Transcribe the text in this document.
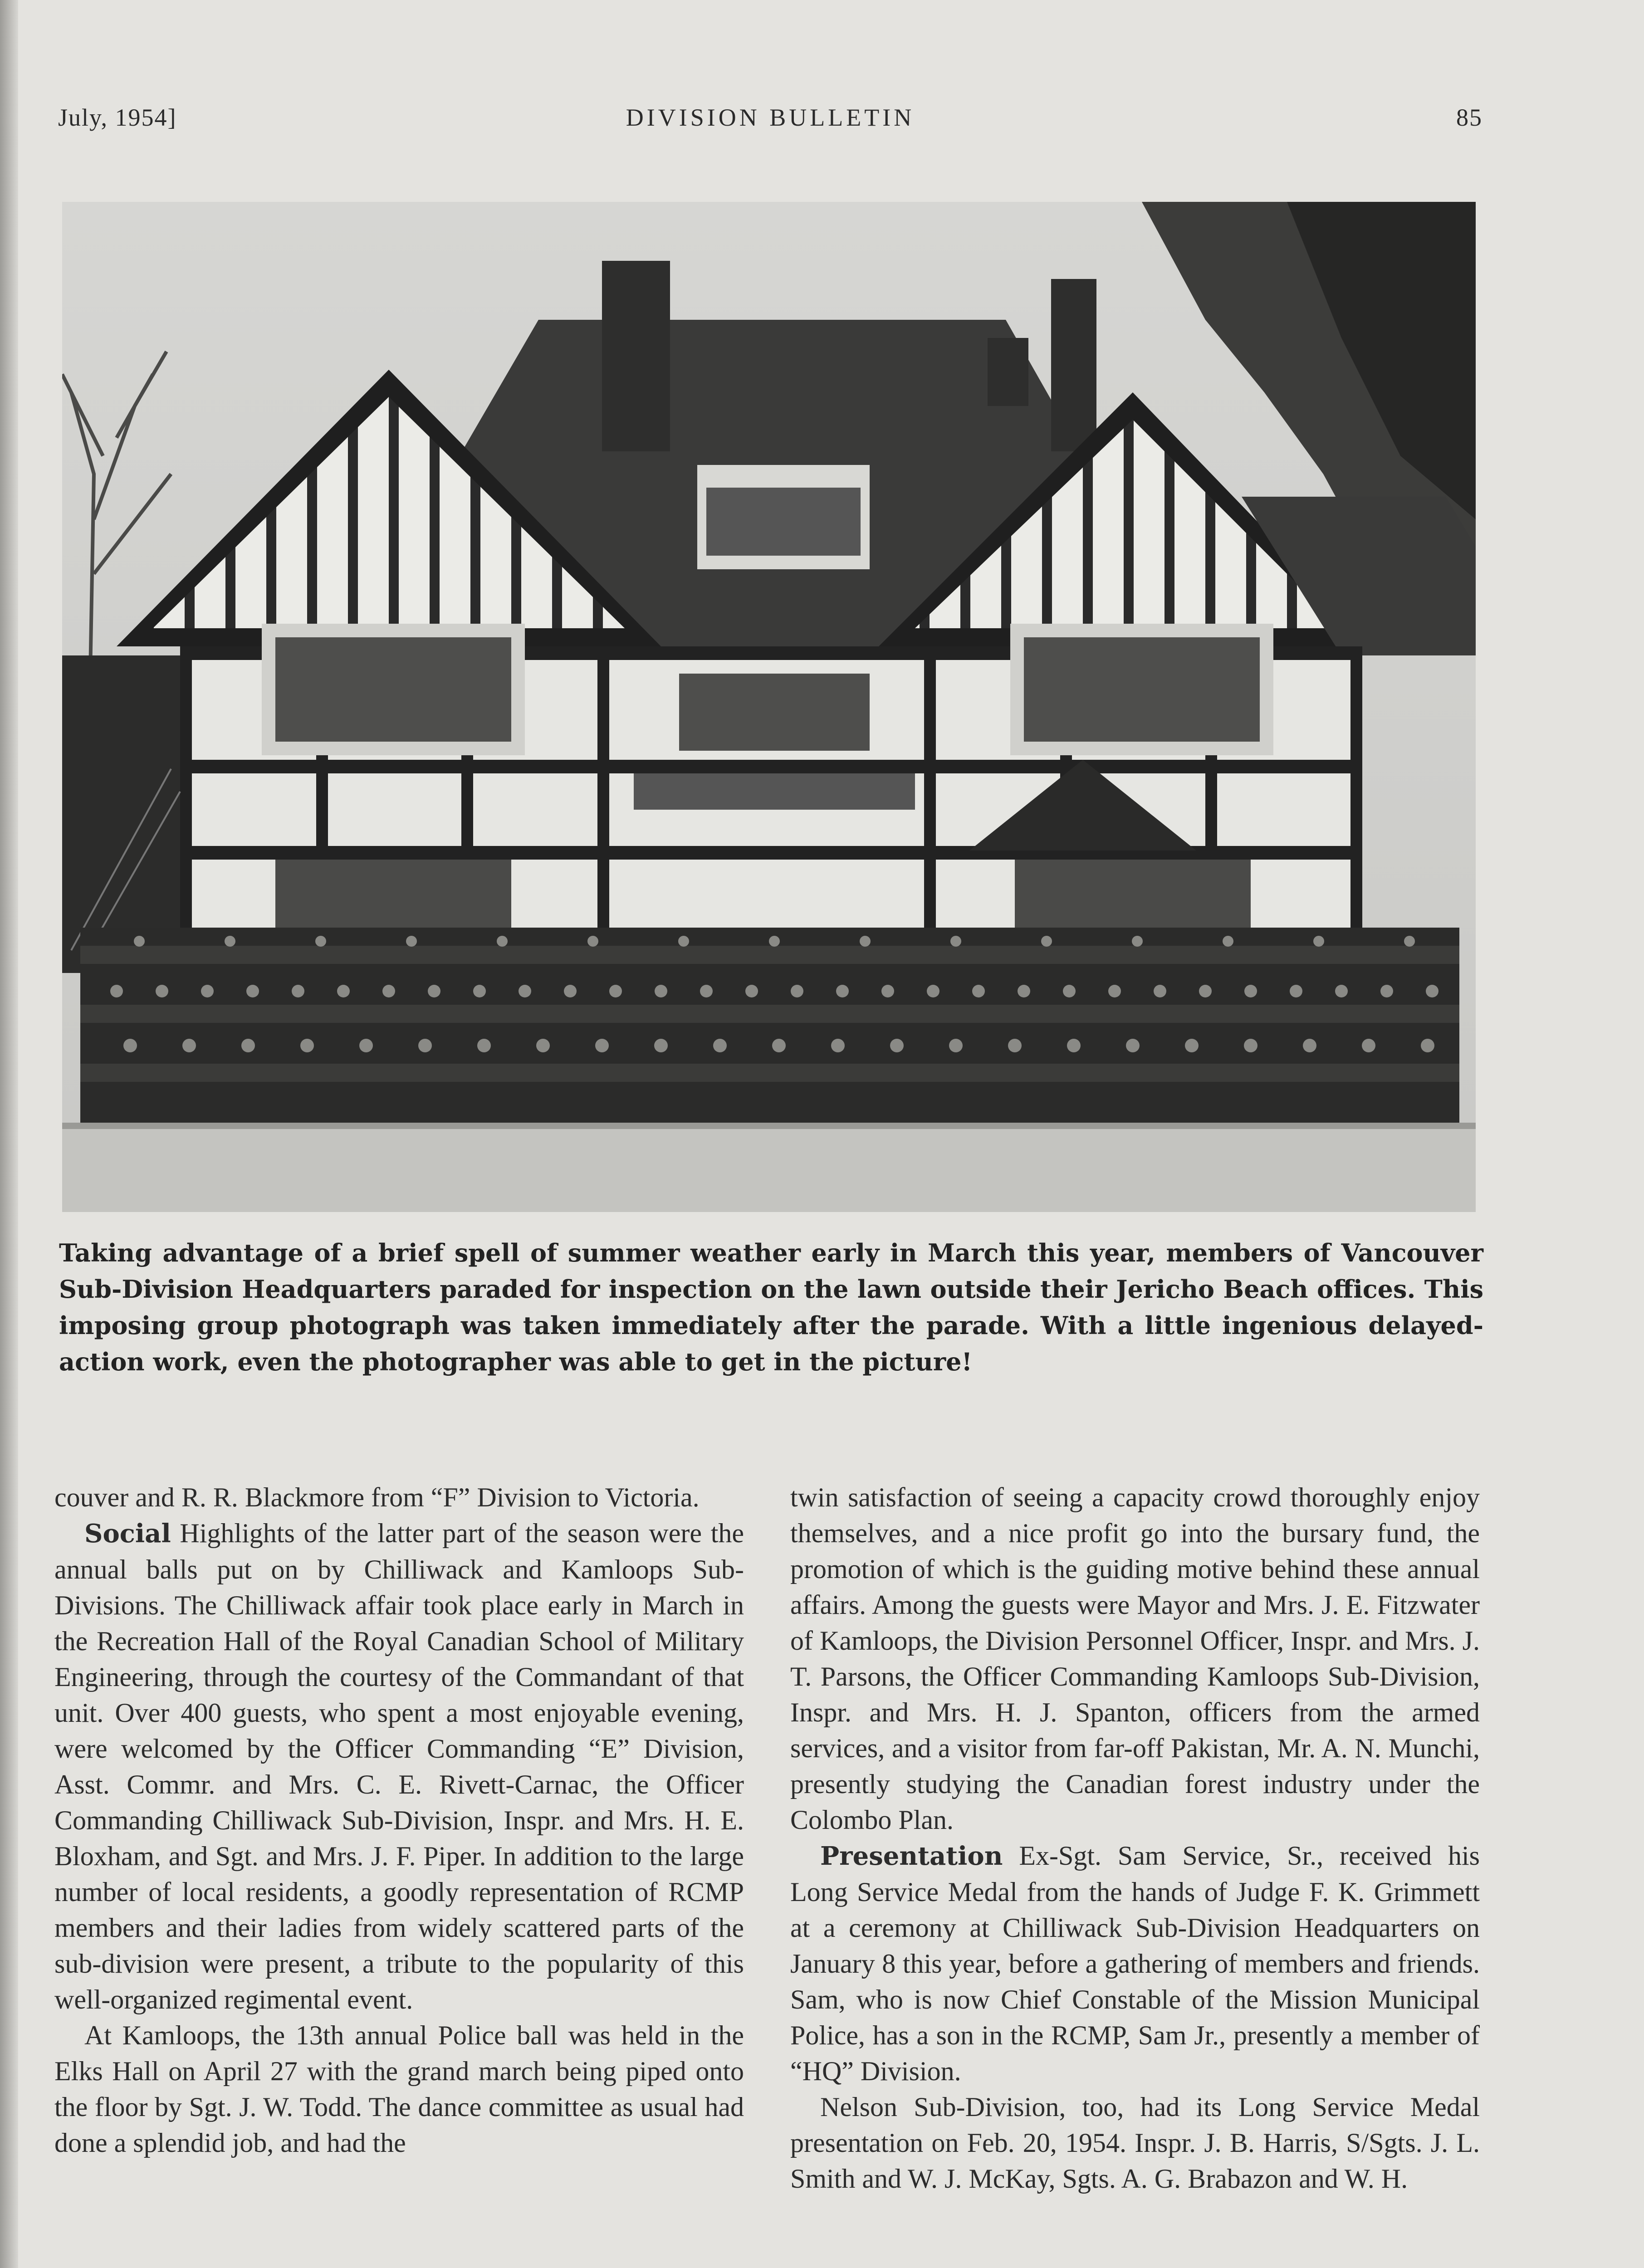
July, 1954]	DIVISION BULLETIN	85
Taking advantage of a brief spell of summer weather early in March this year, members of Vancouver Sub-Division Headquarters paraded for inspection on the lawn outside their Jericho Beach offices. This imposing group photograph was taken immediately after the parade. With a little ingenious delayed-action work, even the photographer was able to get in the picture!

couver and R. R. Blackmore from “F” Division to Victoria.

Social Highlights of the latter part of the season were the annual balls put on by Chilliwack and Kamloops Sub-Divisions. The Chilliwack affair took place early in March in the Recreation Hall of the Royal Canadian School of Military Engineering, through the courtesy of the Commandant of that unit. Over 400 guests, who spent a most enjoyable evening, were welcomed by the Officer Commanding “E” Division, Asst. Commr. and Mrs. C. E. Rivett-Carnac, the Officer Commanding Chilliwack Sub-Division, Inspr. and Mrs. H. E. Bloxham, and Sgt. and Mrs. J. F. Piper. In addition to the large number of local residents, a goodly representation of RCMP members and their ladies from widely scattered parts of the sub-division were present, a tribute to the popularity of this well-organized regimental event.

At Kamloops, the 13th annual Police ball was held in the Elks Hall on April 27 with the grand march being piped onto the floor by Sgt. J. W. Todd. The dance committee as usual had done a splendid job, and had the

twin satisfaction of seeing a capacity crowd thoroughly enjoy themselves, and a nice profit go into the bursary fund, the promotion of which is the guiding motive behind these annual affairs. Among the guests were Mayor and Mrs. J. E. Fitzwater of Kamloops, the Division Personnel Officer, Inspr. and Mrs. J. T. Parsons, the Officer Commanding Kamloops Sub-Division, Inspr. and Mrs. H. J. Spanton, officers from the armed services, and a visitor from far-off Pakistan, Mr. A. N. Munchi, presently studying the Canadian forest industry under the Colombo Plan.

Presentation Ex-Sgt. Sam Service, Sr., received his Long Service Medal from the hands of Judge F. K. Grimmett at a ceremony at Chilliwack Sub-Division Headquarters on January 8 this year, before a gathering of members and friends. Sam, who is now Chief Constable of the Mission Municipal Police, has a son in the RCMP, Sam Jr., presently a member of “HQ” Division.

Nelson Sub-Division, too, had its Long Service Medal presentation on Feb. 20, 1954. Inspr. J. B. Harris, S/Sgts. J. L. Smith and W. J. McKay, Sgts. A. G. Brabazon and W. H.
